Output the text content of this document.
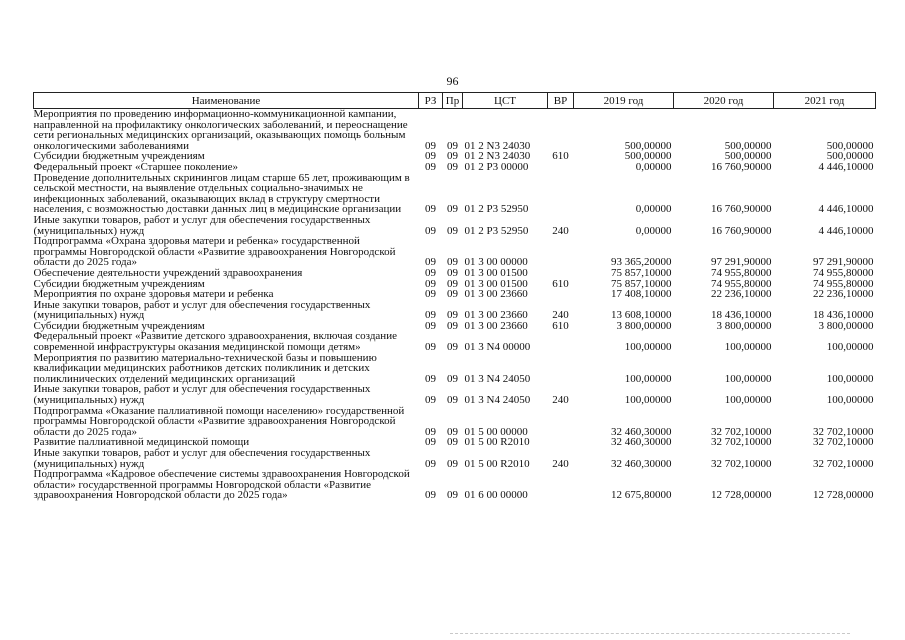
96
Наименование	РЗ	Пр	ЦСТ	ВР	2019 год	2020 год	2021 год
Мероприятия по проведению информационно-коммуникационной кампании, направленной на профилактику онкологических заболеваний, и переоснащение сети региональных медицинских организаций, оказывающих помощь больным онкологическими заболеваниями	09	09	01 2 N3 24030		500,00000	500,00000	500,00000
Субсидии бюджетным учреждениям	09	09	01 2 N3 24030	610	500,00000	500,00000	500,00000
Федеральный проект «Старшее поколение»	09	09	01 2 P3 00000		0,00000	16 760,90000	4 446,10000
Проведение дополнительных скринингов лицам старше 65 лет, проживающим в сельской местности, на выявление отдельных социально-значимых не инфекционных заболеваний, оказывающих вклад в структуру смертности населения, с возможностью доставки данных лиц в медицинские организации	09	09	01 2 P3 52950		0,00000	16 760,90000	4 446,10000
Иные закупки товаров, работ и услуг для обеспечения государственных (муниципальных) нужд	09	09	01 2 P3 52950	240	0,00000	16 760,90000	4 446,10000
Подпрограмма «Охрана здоровья матери и ребенка» государственной программы Новгородской области «Развитие здравоохранения Новгородской области до 2025 года»	09	09	01 3 00 00000		93 365,20000	97 291,90000	97 291,90000
Обеспечение деятельности учреждений здравоохранения	09	09	01 3 00 01500		75 857,10000	74 955,80000	74 955,80000
Субсидии бюджетным учреждениям	09	09	01 3 00 01500	610	75 857,10000	74 955,80000	74 955,80000
Мероприятия по охране здоровья матери и ребенка	09	09	01 3 00 23660		17 408,10000	22 236,10000	22 236,10000
Иные закупки товаров, работ и услуг для обеспечения государственных (муниципальных) нужд	09	09	01 3 00 23660	240	13 608,10000	18 436,10000	18 436,10000
Субсидии бюджетным учреждениям	09	09	01 3 00 23660	610	3 800,00000	3 800,00000	3 800,00000
Федеральный проект «Развитие детского здравоохранения, включая создание современной инфраструктуры оказания медицинской помощи детям»	09	09	01 3 N4 00000		100,00000	100,00000	100,00000
Мероприятия по развитию материально-технической базы и повышению квалификации медицинских работников детских поликлиник и детских поликлинических отделений медицинских организаций	09	09	01 3 N4 24050		100,00000	100,00000	100,00000
Иные закупки товаров, работ и услуг для обеспечения государственных (муниципальных) нужд	09	09	01 3 N4 24050	240	100,00000	100,00000	100,00000
Подпрограмма «Оказание паллиативной помощи населению» государственной программы Новгородской области «Развитие здравоохранения Новгородской области до 2025 года»	09	09	01 5 00 00000		32 460,30000	32 702,10000	32 702,10000
Развитие паллиативной медицинской помощи	09	09	01 5 00 R2010		32 460,30000	32 702,10000	32 702,10000
Иные закупки товаров, работ и услуг для обеспечения государственных (муниципальных) нужд	09	09	01 5 00 R2010	240	32 460,30000	32 702,10000	32 702,10000
Подпрограмма «Кадровое обеспечение системы здравоохранения Новгородской области» государственной программы Новгородской области «Развитие здравоохранения Новгородской области до 2025 года»	09	09	01 6 00 00000		12 675,80000	12 728,00000	12 728,00000
